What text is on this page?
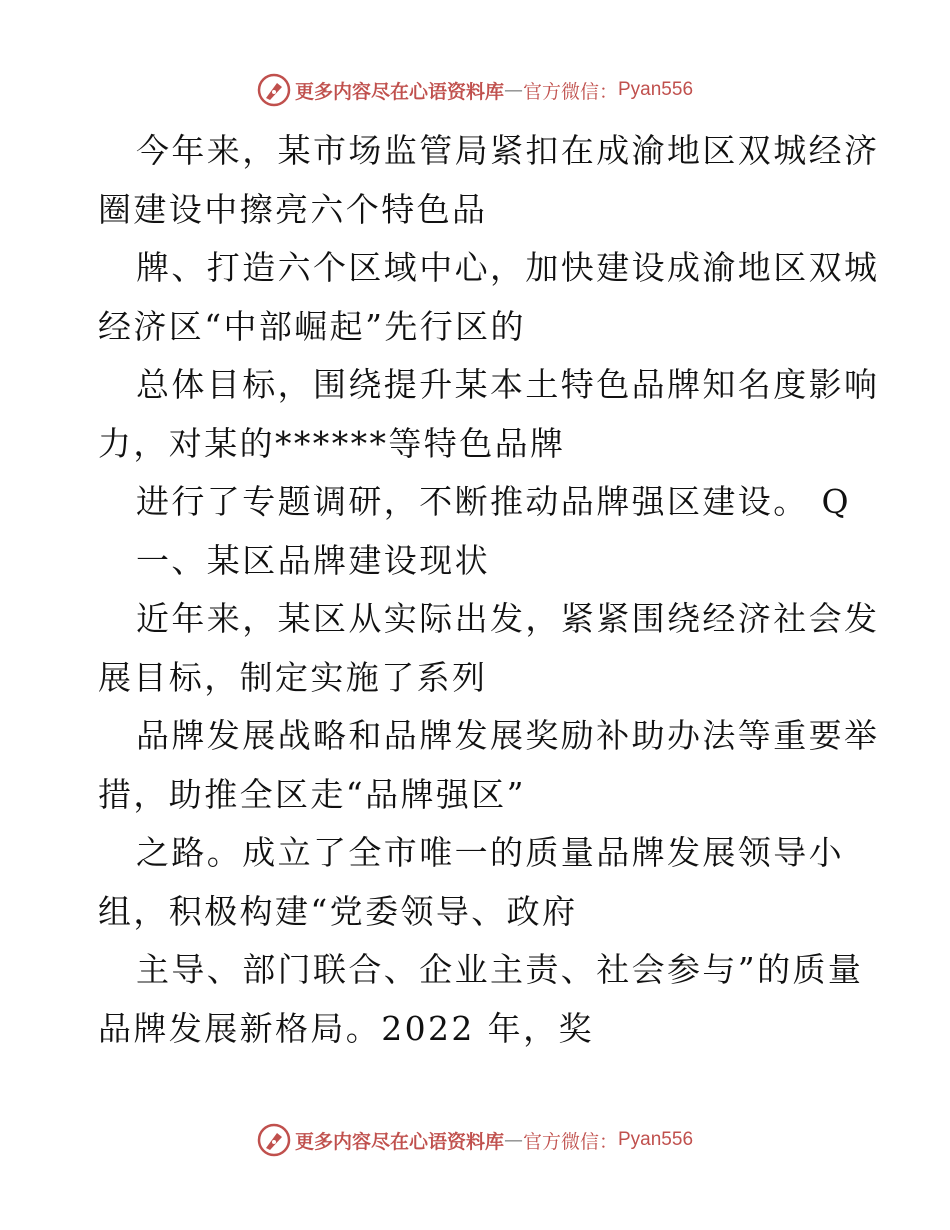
更多内容尽在心语资料库 — 官方微信： Pyan556
今年来，某市场监管局紧扣在成渝地区双城经济
圈建设中擦亮六个特色品
牌、打造六个区域中心，加快建设成渝地区双城
经济区“中部崛起”先行区的
总体目标，围绕提升某本土特色品牌知名度影响
力，对某的******等特色品牌
进行了专题调研，不断推动品牌强区建设。 Q
一、某区品牌建设现状
近年来，某区从实际出发，紧紧围绕经济社会发
展目标，制定实施了系列
品牌发展战略和品牌发展奖励补助办法等重要举
措，助推全区走“品牌强区”
之路。成立了全市唯一的质量品牌发展领导小
组，积极构建“党委领导、政府
主导、部门联合、企业主责、社会参与”的质量
品牌发展新格局。2022 年，奖
更多内容尽在心语资料库 — 官方微信： Pyan556
